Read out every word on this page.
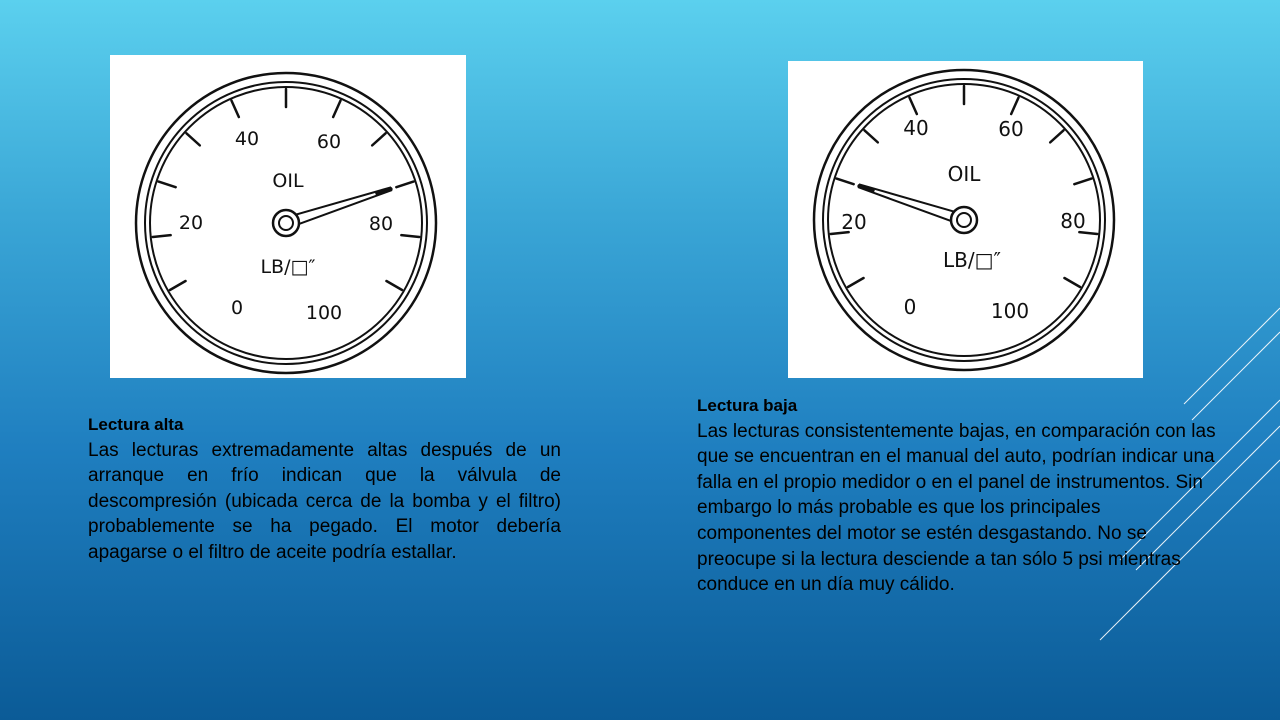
OIL
LB/□″
0
20
40	60
80
100
OIL
LB/□″
0
20
40	60
80
100
Lectura alta
Las lecturas extremadamente altas después de un arranque en frío indican que la válvula de descompresión (ubicada cerca de la bomba y el filtro) probablemente se ha pegado. El motor debería apagarse o el filtro de aceite podría estallar.
Lectura baja
Las lecturas consistentemente bajas, en comparación con las que se encuentran en el manual del auto, podrían indicar una falla en el propio medidor o en el panel de instrumentos. Sin embargo lo más probable es que los principales componentes del motor se estén desgastando. No se preocupe si la lectura desciende a tan sólo 5 psi mientras conduce en un día muy cálido.
